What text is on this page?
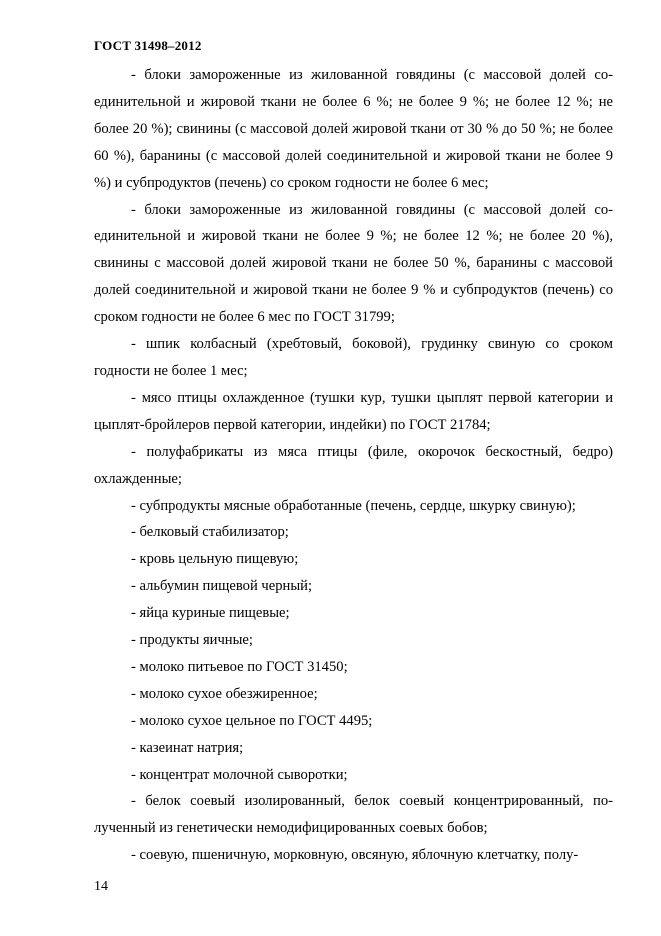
ГОСТ 31498–2012

- блоки замороженные из жилованной говядины (с массовой долей соединительной и жировой ткани не более 6 %; не более 9 %; не более 12 %; не более 20 %); свинины (с массовой долей жировой ткани от 30 % до 50 %; не более 60 %), баранины (с массовой долей соединительной и жировой ткани не более 9 %) и субпродуктов (печень) со сроком годности не более 6 мес;

- блоки замороженные из жилованной говядины (с массовой долей соединительной и жировой ткани не более 9 %; не более 12 %; не более 20 %), свинины с массовой долей жировой ткани не более 50 %, баранины с массовой долей соединительной и жировой ткани не более 9 % и субпродуктов (печень) со сроком годности не более 6 мес по ГОСТ 31799;

- шпик колбасный (хребтовый, боковой), грудинку свиную со сроком годности не более 1 мес;

- мясо птицы охлажденное (тушки кур, тушки цыплят первой категории и цыплят-бройлеров первой категории, индейки) по ГОСТ 21784;

- полуфабрикаты из мяса птицы (филе, окорочок бескостный, бедро) охлажденные;

- субпродукты мясные обработанные (печень, сердце, шкурку свиную);

- белковый стабилизатор;

- кровь цельную пищевую;

- альбумин пищевой черный;

- яйца куриные пищевые;

- продукты яичные;

- молоко питьевое по ГОСТ 31450;

- молоко сухое обезжиренное;

- молоко сухое цельное по ГОСТ 4495;

- казеинат натрия;

- концентрат молочной сыворотки;

- белок соевый изолированный, белок соевый концентрированный, полученный из генетически немодифицированных соевых бобов;

- соевую, пшеничную, морковную, овсяную, яблочную клетчатку, полу-

14
